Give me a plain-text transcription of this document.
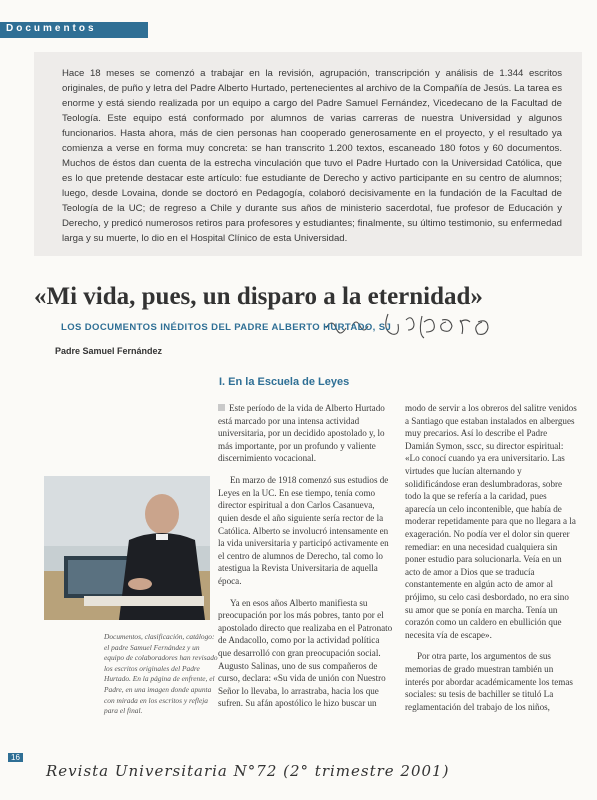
Documentos
Hace 18 meses se comenzó a trabajar en la revisión, agrupación, transcripción y análisis de 1.344 escritos originales, de puño y letra del Padre Alberto Hurtado, pertenecientes al archivo de la Compañía de Jesús. La tarea es enorme y está siendo realizada por un equipo a cargo del Padre Samuel Fernández, Vicedecano de la Facultad de Teología. Este equipo está conformado por alumnos de varias carreras de nuestra Universidad y algunos funcionarios. Hasta ahora, más de cien personas han cooperado generosamente en el proyecto, y el resultado ya comienza a verse en forma muy concreta: se han transcrito 1.200 textos, escaneado 180 fotos y 60 documentos. Muchos de éstos dan cuenta de la estrecha vinculación que tuvo el Padre Hurtado con la Universidad Católica, que es lo que pretende destacar este artículo: fue estudiante de Derecho y activo participante en su centro de alumnos; luego, desde Lovaina, donde se doctoró en Pedagogía, colaboró decisivamente en la fundación de la Facultad de Teología de la UC; de regreso a Chile y durante sus años de ministerio sacerdotal, fue profesor de Educación y Derecho, y predicó numerosos retiros para profesores y estudiantes; finalmente, su último testimonio, su enfermedad larga y su muerte, lo dio en el Hospital Clínico de esta Universidad.
«Mi vida, pues, un disparo a la eternidad»
LOS DOCUMENTOS INÉDITOS DEL PADRE ALBERTO HURTADO, SJ
Padre Samuel Fernández
I. En la Escuela de Leyes

Este período de la vida de Alberto Hurtado está marcado por una intensa actividad universitaria, por un decidido apostolado y, lo más importante, por un profundo y valiente discernimiento vocacional.

En marzo de 1918 comenzó sus estudios de Leyes en la UC. En ese tiempo, tenía como director espiritual a don Carlos Casanueva, quien desde el año siguiente sería rector de la Católica. Alberto se involucró intensamente en la vida universitaria y participó activamente en el centro de alumnos de Derecho, tal como lo atestigua la Revista Universitaria de aquella época.

Ya en esos años Alberto manifiesta su preocupación por los más pobres, tanto por el apostolado directo que realizaba en el Patronato de Andacollo, como por la actividad política que desarrolló con gran preocupación social. Augusto Salinas, uno de sus compañeros de curso, declara: «Su vida de unión con Nuestro Señor lo llevaba, lo arrastraba, hacia los que sufren. Su afán apostólico le hizo buscar un

modo de servir a los obreros del salitre venidos a Santiago que estaban instalados en albergues muy precarios. Así lo describe el Padre Damián Symon, sscc, su director espiritual: «Lo conocí cuando ya era universitario. Las virtudes que lucían alternando y solidificándose eran deslumbradoras, sobre todo la que se refería a la caridad, pues aparecía un celo incontenible, que había de moderar repetidamente para que no llegara a la exageración. No podía ver el dolor sin querer remediar: en una necesidad cualquiera sin poner estudio para solucionarla. Veía en un acto de amor a Dios que se traducía constantemente en algún acto de amor al prójimo, su celo casi desbordado, no era sino su amor que se ponía en marcha. Tenía un corazón como un caldero en ebullición que necesita vía de escape».

Por otra parte, los argumentos de sus memorias de grado muestran también un interés por abordar académicamente los temas sociales: su tesis de bachiller se tituló La reglamentación del trabajo de los niños,

Documentos, clasificación, catálogo: el padre Samuel Fernández y un equipo de colaboradores han revisado los escritos originales del Padre Hurtado. En la página de enfrente, el Padre, en una imagen donde apunta con mirada en los escritos y refleja para el final.
16
Revista Universitaria N°72 (2° trimestre 2001)
